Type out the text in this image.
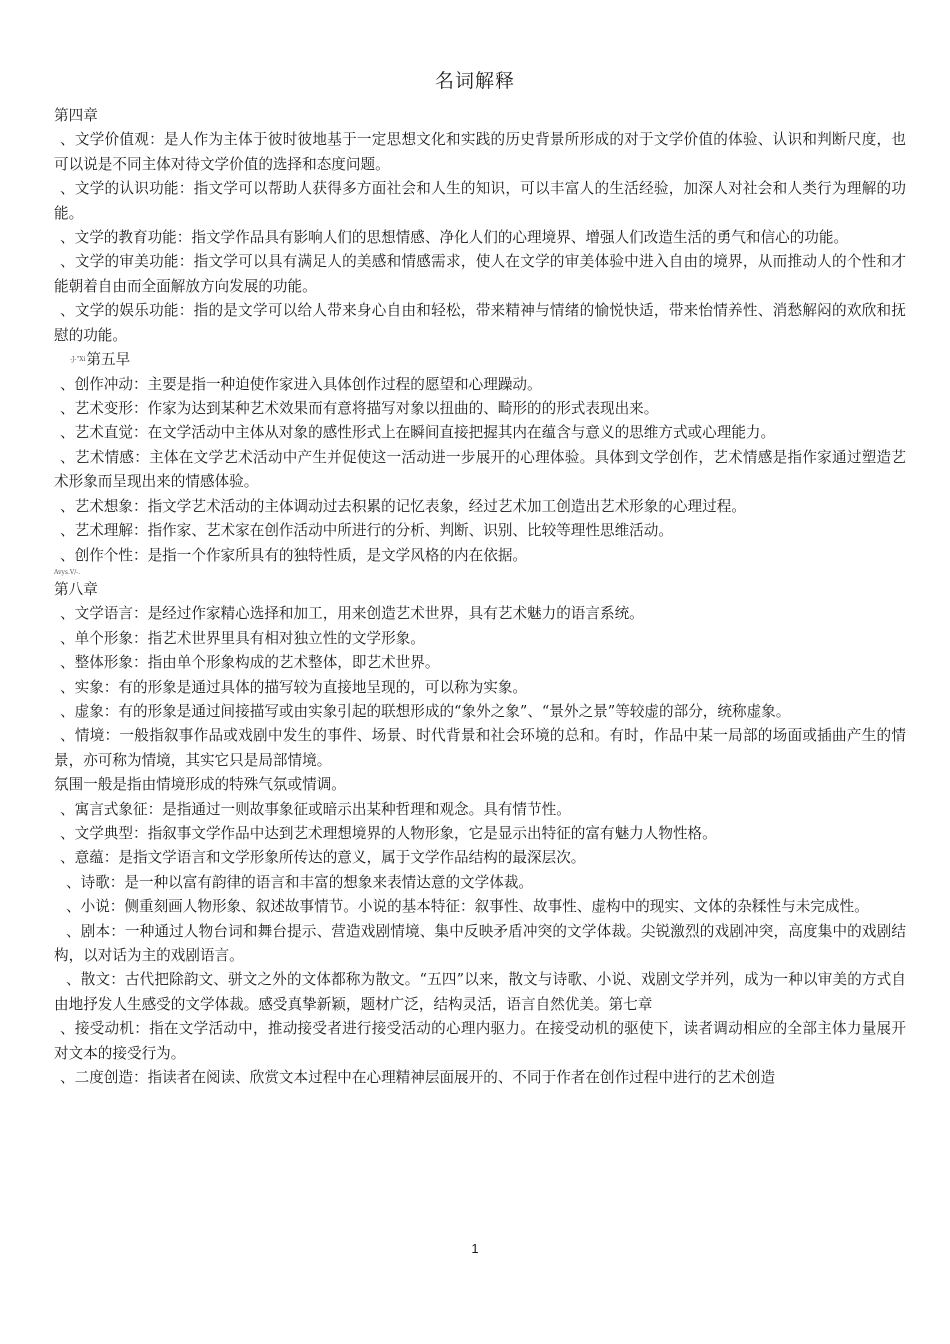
名词解释
第四章
、文学价值观：是人作为主体于彼时彼地基于一定思想文化和实践的历史背景所形成的对于文学价值的体验、认识和判断尺度，也可以说是不同主体对待文学价值的选择和态度问题。
、文学的认识功能：指文学可以帮助人获得多方面社会和人生的知识，可以丰富人的生活经验，加深人对社会和人类行为理解的功能。
、文学的教育功能：指文学作品具有影响人们的思想情感、净化人们的心理境界、增强人们改造生活的勇气和信心的功能。
、文学的审美功能：指文学可以具有满足人的美感和情感需求，使人在文学的审美体验中进入自由的境界，从而推动人的个性和才能朝着自由而全面解放方向发展的功能。
、文学的娱乐功能：指的是文学可以给人带来身心自由和轻松，带来精神与情绪的愉悦快适，带来怡情养性、消愁解闷的欢欣和抚慰的功能。
-J-"Xi第五早
、创作冲动：主要是指一种迫使作家进入具体创作过程的愿望和心理躁动。
、艺术变形：作家为达到某种艺术效果而有意将描写对象以扭曲的、畸形的的形式表现出来。
、艺术直觉：在文学活动中主体从对象的感性形式上在瞬间直接把握其内在蕴含与意义的思维方式或心理能力。
、艺术情感：主体在文学艺术活动中产生并促使这一活动进一步展开的心理体验。具体到文学创作，艺术情感是指作家通过塑造艺术形象而呈现出来的情感体验。
、艺术想象：指文学艺术活动的主体调动过去积累的记忆表象，经过艺术加工创造出艺术形象的心理过程。
、艺术理解：指作家、艺术家在创作活动中所进行的分析、判断、识别、比较等理性思维活动。
、创作个性：是指一个作家所具有的独特性质，是文学风格的内在依据。
Avys.V/-.
第八章
、文学语言：是经过作家精心选择和加工，用来创造艺术世界，具有艺术魅力的语言系统。
、单个形象：指艺术世界里具有相对独立性的文学形象。
、整体形象：指由单个形象构成的艺术整体，即艺术世界。
、实象：有的形象是通过具体的描写较为直接地呈现的，可以称为实象。
、虚象：有的形象是通过间接描写或由实象引起的联想形成的“象外之象”、“景外之景”等较虚的部分，统称虚象。
、情境：一般指叙事作品或戏剧中发生的事件、场景、时代背景和社会环境的总和。有时，作品中某一局部的场面或插曲产生的情景，亦可称为情境，其实它只是局部情境。
氛围一般是指由情境形成的特殊气氛或情调。
、寓言式象征：是指通过一则故事象征或暗示出某种哲理和观念。具有情节性。
、文学典型：指叙事文学作品中达到艺术理想境界的人物形象，它是显示出特征的富有魅力人物性格。
、意蕴：是指文学语言和文学形象所传达的意义，属于文学作品结构的最深层次。
、诗歌：是一种以富有韵律的语言和丰富的想象来表情达意的文学体裁。
、小说：侧重刻画人物形象、叙述故事情节。小说的基本特征：叙事性、故事性、虚构中的现实、文体的杂糅性与未完成性。
、剧本：一种通过人物台词和舞台提示、营造戏剧情境、集中反映矛盾冲突的文学体裁。尖锐激烈的戏剧冲突，高度集中的戏剧结构，以对话为主的戏剧语言。
、散文：古代把除韵文、骈文之外的文体都称为散文。“五四”以来，散文与诗歌、小说、戏剧文学并列，成为一种以审美的方式自由地抒发人生感受的文学体裁。感受真挚新颖，题材广泛，结构灵活，语言自然优美。第七章
、接受动机：指在文学活动中，推动接受者进行接受活动的心理内驱力。在接受动机的驱使下，读者调动相应的全部主体力量展开对文本的接受行为。
、二度创造：指读者在阅读、欣赏文本过程中在心理精神层面展开的、不同于作者在创作过程中进行的艺术创造
1
